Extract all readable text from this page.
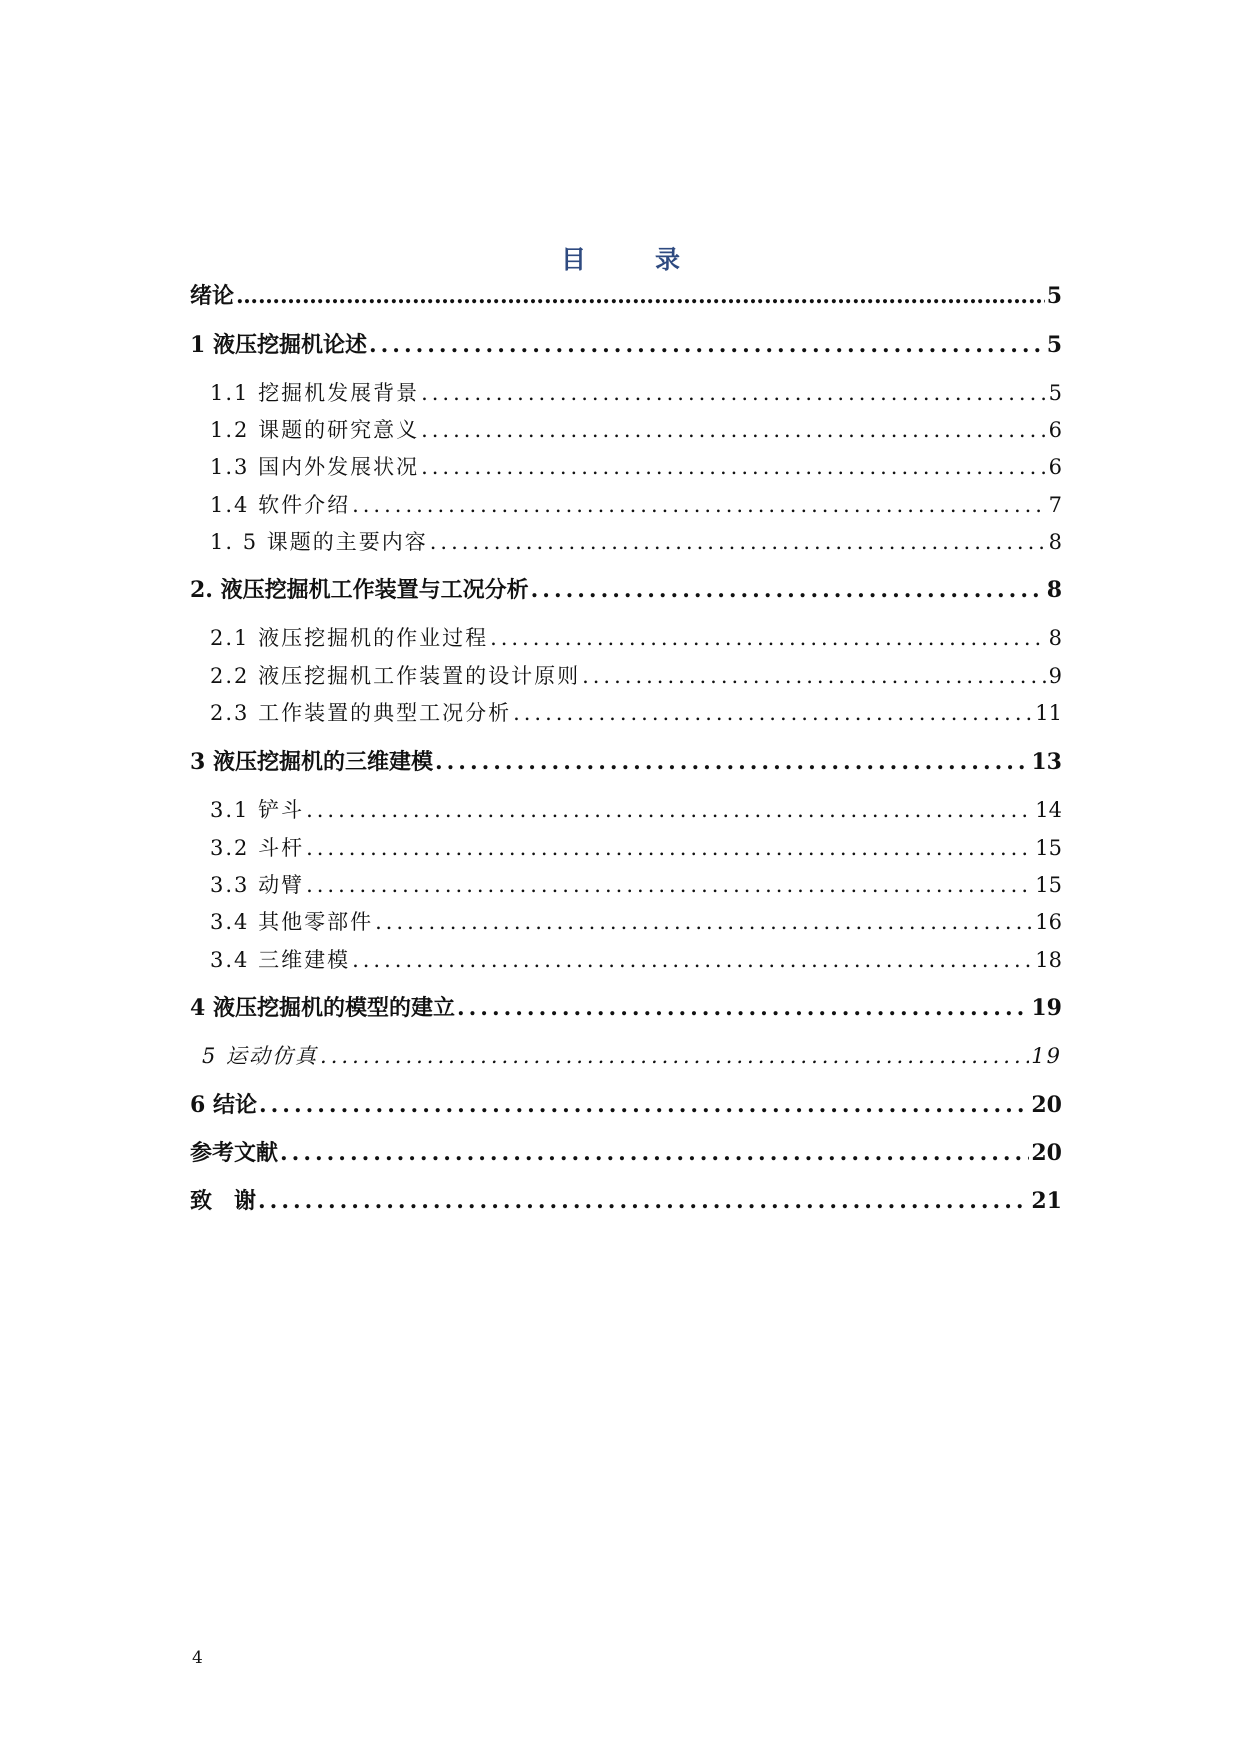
目　录
绪论 ……………………………………………………………………………………………………………………………………………………………………	5
1 液压挖掘机论述 .....	5
1.1 挖掘机发展背景 .....	5
1.2 课题的研究意义 .....	6
1.3 国内外发展状况 .....	6
1.4 软件介绍 .....	7
1. 5 课题的主要内容 .....	8
2. 液压挖掘机工作装置与工况分析 .....	8
2.1 液压挖掘机的作业过程 .....	8
2.2 液压挖掘机工作装置的设计原则 .....	9
2.3 工作装置的典型工况分析 .....	11
3 液压挖掘机的三维建模 .....	13
3.1 铲斗 .....	14
3.2 斗杆 .....	15
3.3 动臂 .....	15
3.4 其他零部件 .....	16
3.4 三维建模 .....	18
4 液压挖掘机的模型的建立 .....	19
5 运动仿真 .....	19
6 结论 .....	20
参考文献 .....	20
致　谢 .....	21
4
